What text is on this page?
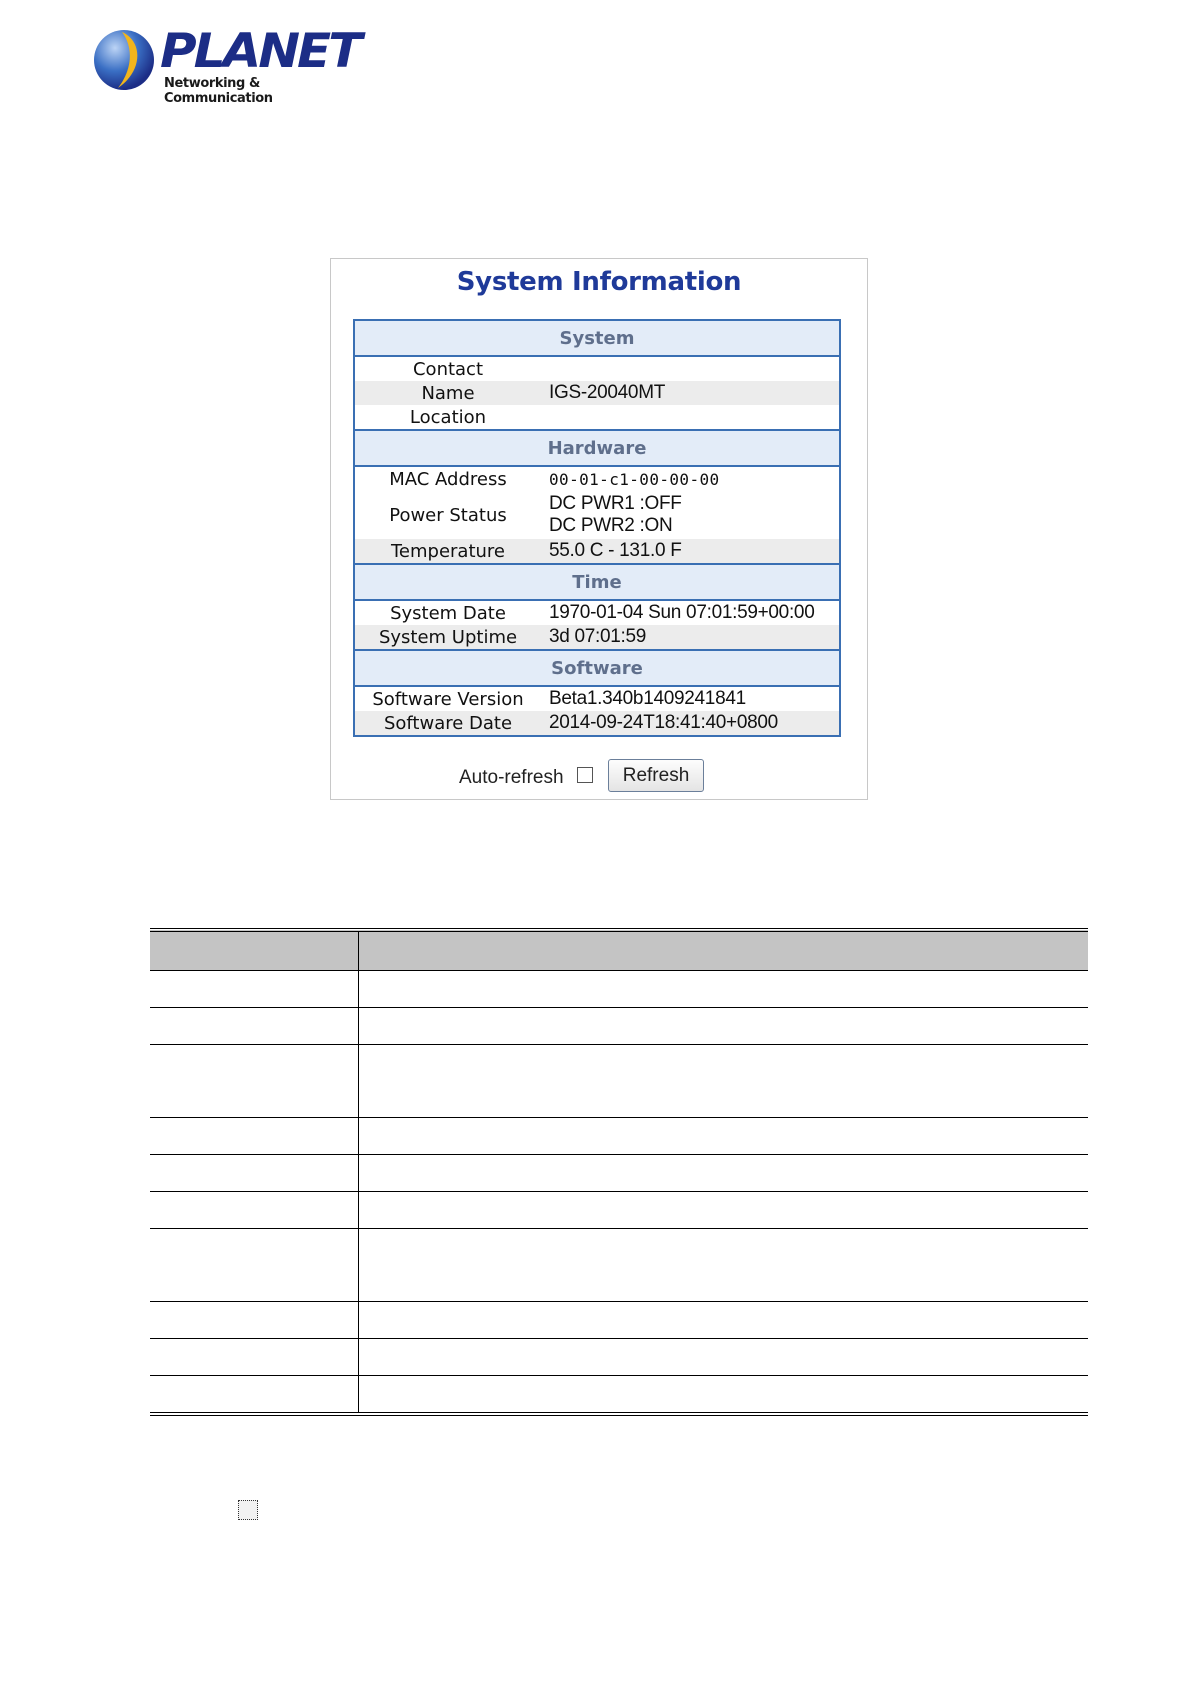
PLANET
Networking & Communication
System Information
System	
Contact	
Name	IGS-20040MT
Location	
Hardware	
MAC Address	00-01-c1-00-00-00
Power Status	DC PWR1 :OFF
DC PWR2 :ON

Temperature	55.0 C - 131.0 F
Time	
System Date	1970-01-04 Sun 07:01:59+00:00
System Uptime	3d 07:01:59
Software	
Software Version	Beta1.340b1409241841
Software Date	2014-09-24T18:41:40+0800
Auto-refresh	Refresh
